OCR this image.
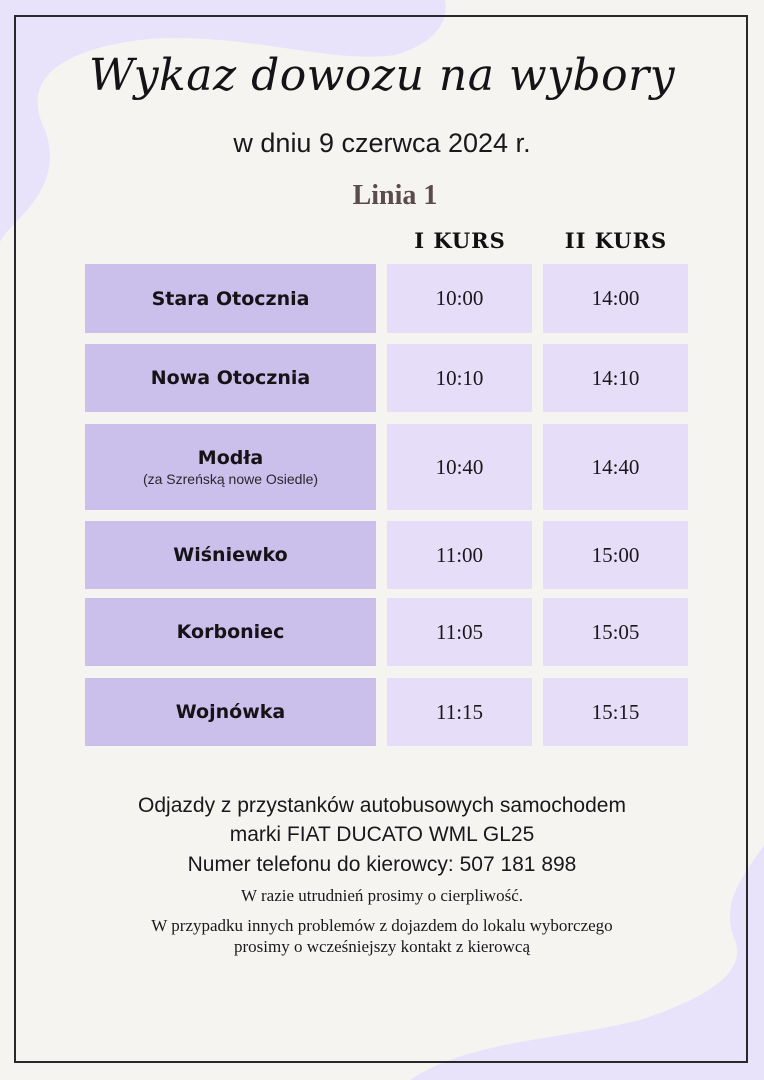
Wykaz dowozu na wybory
w dniu 9 czerwca 2024 r.
Linia 1
I KURS	II KURS
Stara Otocznia	10:00	14:00
Nowa Otocznia	10:10	14:10
Modła
(za Szreńską nowe Osiedle)
10:40	14:40
Wiśniewko	11:00	15:00
Korboniec	11:05	15:05
Wojnówka	11:15	15:15
Odjazdy z przystanków autobusowych samochodem
marki FIAT DUCATO WML GL25
Numer telefonu do kierowcy: 507 181 898
W razie utrudnień prosimy o cierpliwość.
W przypadku innych problemów z dojazdem do lokalu wyborczego
prosimy o wcześniejszy kontakt z kierowcą
